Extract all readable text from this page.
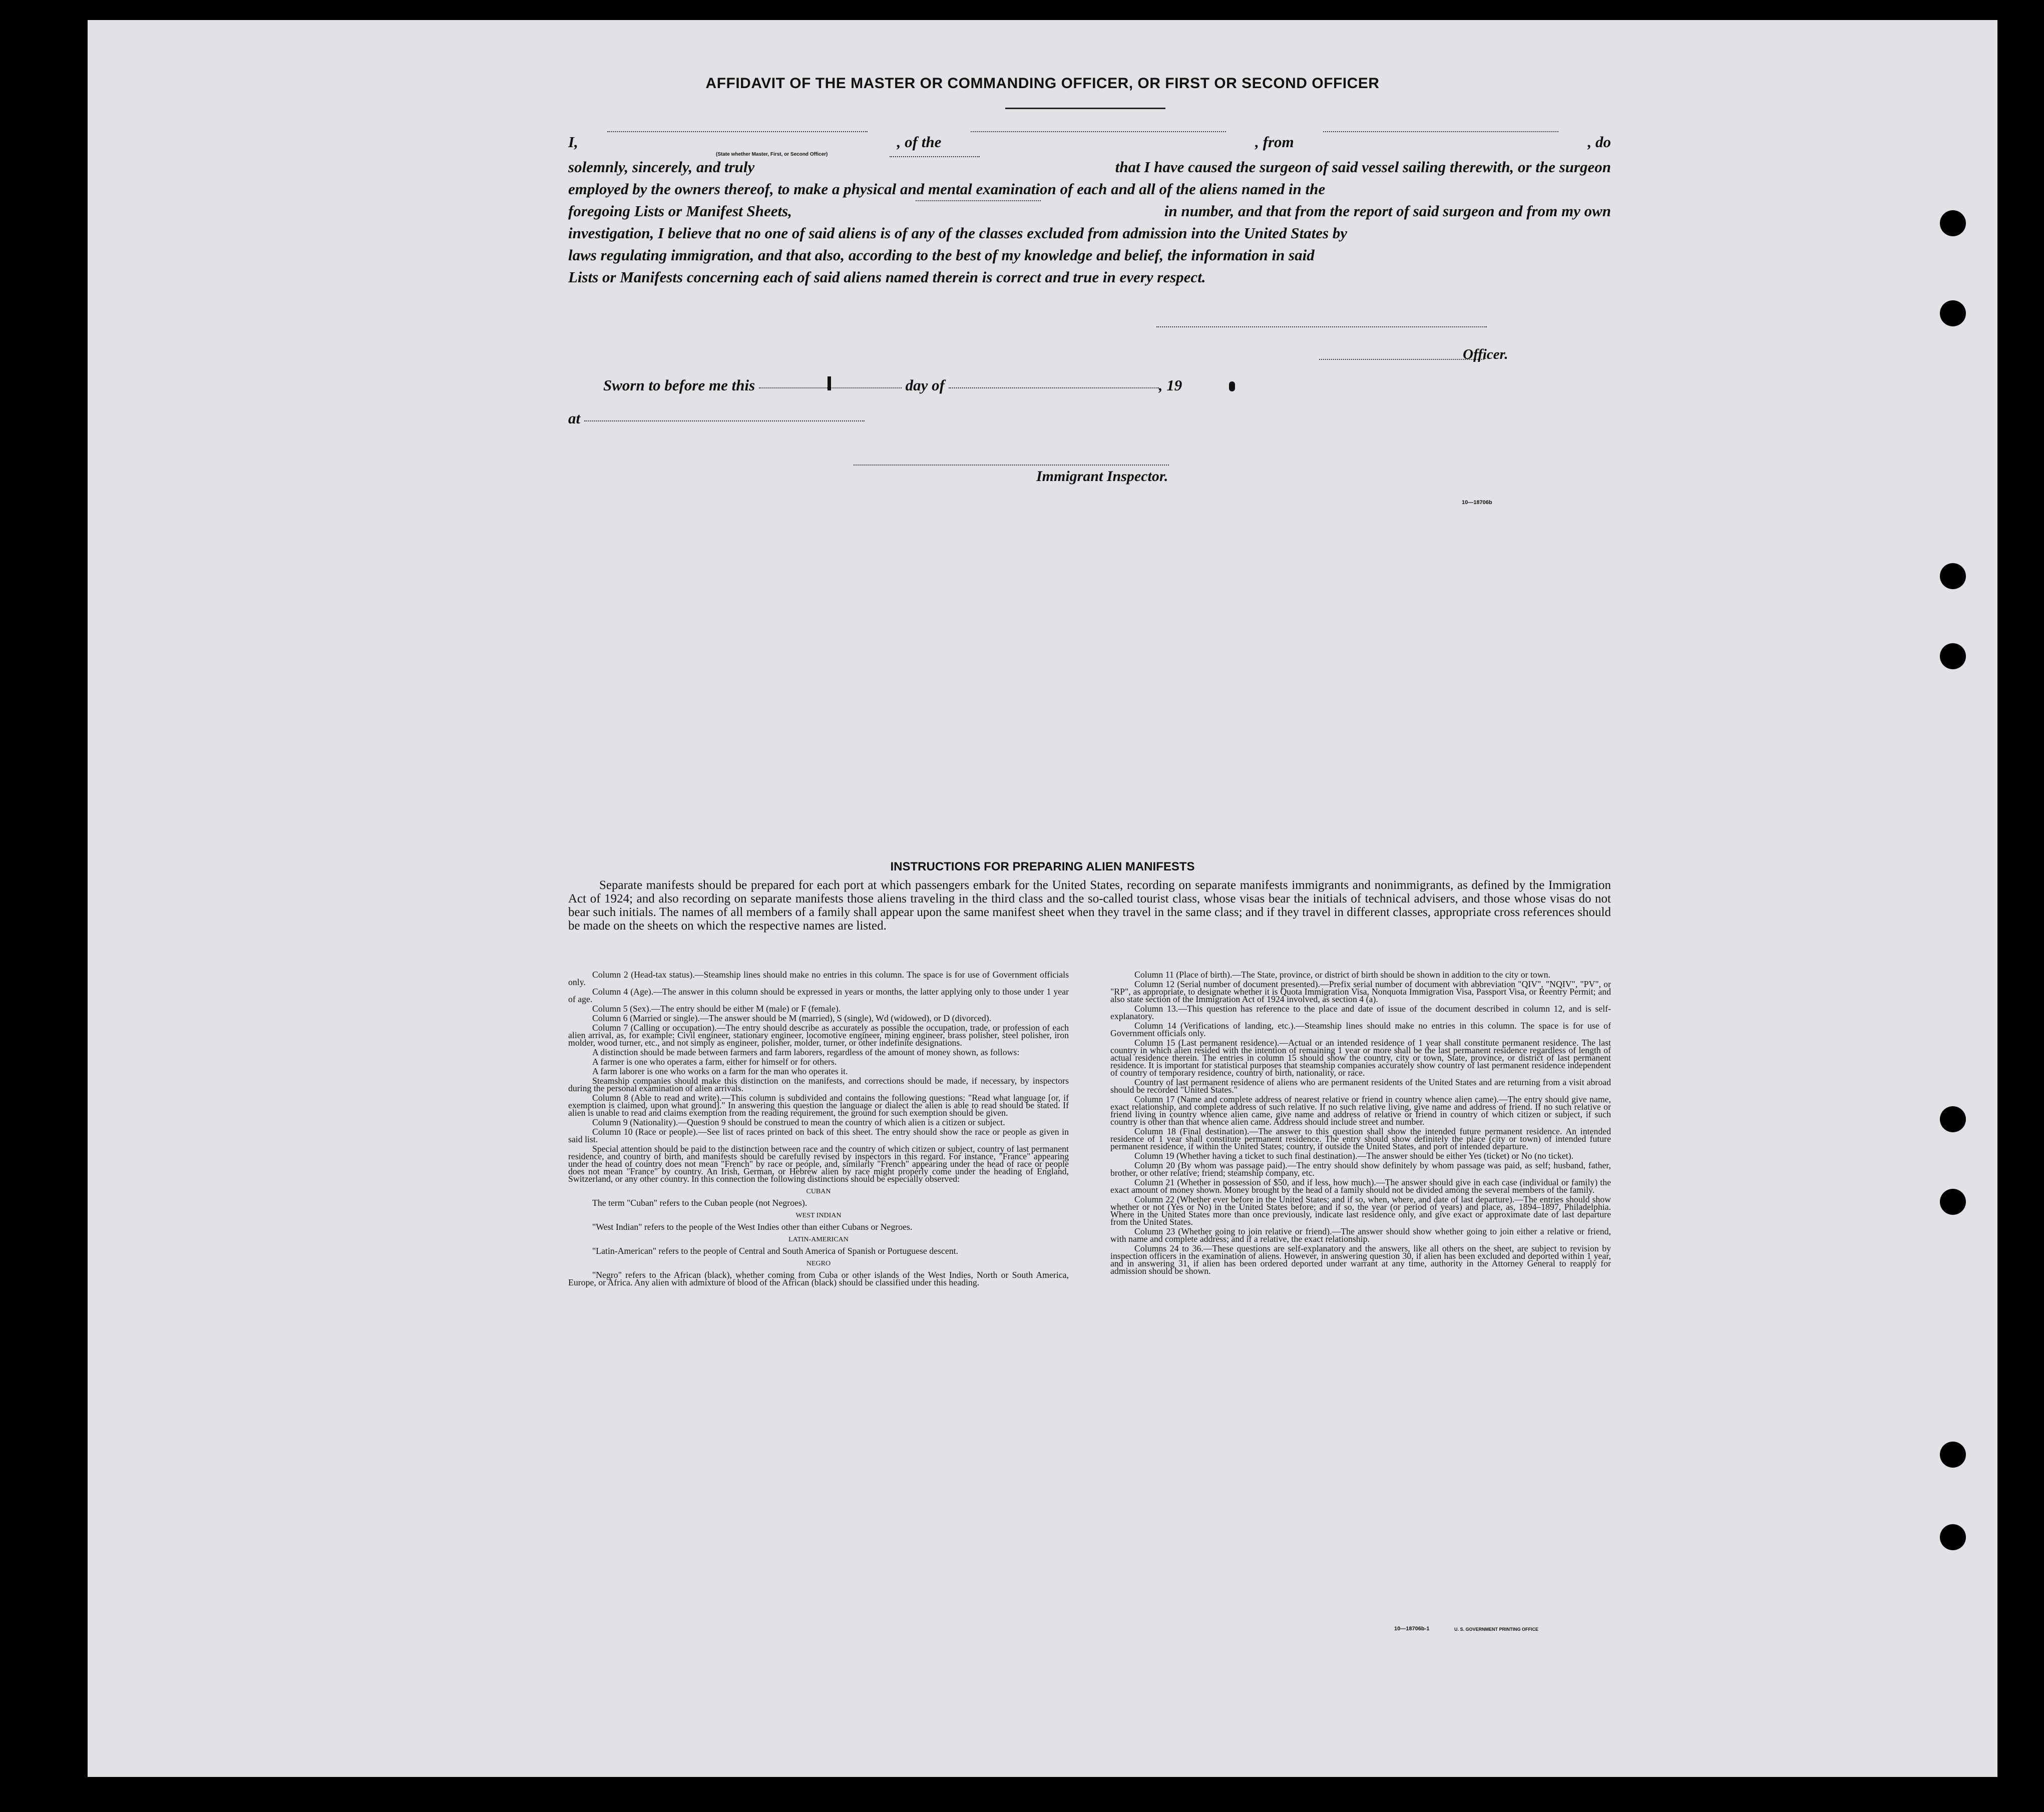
AFFIDAVIT OF THE MASTER OR COMMANDING OFFICER, OR FIRST OR SECOND OFFICER
I,	, of the	, from	, do
(State whether Master, First, or Second Officer)
solemnly, sincerely, and truly	that I have caused the surgeon of said vessel sailing therewith, or the surgeon
employed by the owners thereof, to make a physical and mental examination of each and all of the aliens named in the
foregoing Lists or Manifest Sheets,	in number, and that from the report of said surgeon and from my own
investigation, I believe that no one of said aliens is of any of the classes excluded from admission into the United States by
laws regulating immigration, and that also, according to the best of my knowledge and belief, the information in said
Lists or Manifests concerning each of said aliens named therein is correct and true in every respect.
Officer.
Sworn to before me this	day of	, 19
at
Immigrant Inspector.
10—18706b
INSTRUCTIONS FOR PREPARING ALIEN MANIFESTS
Separate manifests should be prepared for each port at which passengers embark for the United States, recording on separate manifests immigrants and nonimmigrants, as defined by the Immigration Act of 1924; and also recording on separate manifests those aliens traveling in the third class and the so-called tourist class, whose visas bear the initials of technical advisers, and those whose visas do not bear such initials. The names of all members of a family shall appear upon the same manifest sheet when they travel in the same class; and if they travel in different classes, appropriate cross references should be made on the sheets on which the respective names are listed.

Column 2 (Head-tax status).—Steamship lines should make no entries in this column. The space is for use of Government officials only.

Column 4 (Age).—The answer in this column should be expressed in years or months, the latter applying only to those under 1 year of age.

Column 5 (Sex).—The entry should be either M (male) or F (female).

Column 6 (Married or single).—The answer should be M (married), S (single), Wd (widowed), or D (divorced).

Column 7 (Calling or occupation).—The entry should describe as accurately as possible the occupation, trade, or profession of each alien arrival, as, for example: Civil engineer, stationary engineer, locomotive engineer, mining engineer, brass polisher, steel polisher, iron molder, wood turner, etc., and not simply as engineer, polisher, molder, turner, or other indefinite designations.

A distinction should be made between farmers and farm laborers, regardless of the amount of money shown, as follows:

A farmer is one who operates a farm, either for himself or for others.

A farm laborer is one who works on a farm for the man who operates it.

Steamship companies should make this distinction on the manifests, and corrections should be made, if necessary, by inspectors during the personal examination of alien arrivals.

Column 8 (Able to read and write).—This column is subdivided and contains the following questions: "Read what language [or, if exemption is claimed, upon what ground]." In answering this question the language or dialect the alien is able to read should be stated. If alien is unable to read and claims exemption from the reading requirement, the ground for such exemption should be given.

Column 9 (Nationality).—Question 9 should be construed to mean the country of which alien is a citizen or subject.

Column 10 (Race or people).—See list of races printed on back of this sheet. The entry should show the race or people as given in said list.

Special attention should be paid to the distinction between race and the country of which citizen or subject, country of last permanent residence, and country of birth, and manifests should be carefully revised by inspectors in this regard. For instance, "France" appearing under the head of country does not mean "French" by race or people, and, similarly "French" appearing under the head of race or people does not mean "France" by country. An Irish, German, or Hebrew alien by race might properly come under the heading of England, Switzerland, or any other country. In this connection the following distinctions should be especially observed:

CUBAN

The term "Cuban" refers to the Cuban people (not Negroes).

WEST INDIAN

"West Indian" refers to the people of the West Indies other than either Cubans or Negroes.

LATIN-AMERICAN

"Latin-American" refers to the people of Central and South America of Spanish or Portuguese descent.

NEGRO

"Negro" refers to the African (black), whether coming from Cuba or other islands of the West Indies, North or South America, Europe, or Africa. Any alien with admixture of blood of the African (black) should be classified under this heading.

Column 11 (Place of birth).—The State, province, or district of birth should be shown in addition to the city or town.

Column 12 (Serial number of document presented).—Prefix serial number of document with abbreviation "QIV", "NQIV", "PV", or "RP", as appropriate, to designate whether it is Quota Immigration Visa, Nonquota Immigration Visa, Passport Visa, or Reentry Permit; and also state section of the Immigration Act of 1924 involved, as section 4 (a).

Column 13.—This question has reference to the place and date of issue of the document described in column 12, and is self-explanatory.

Column 14 (Verifications of landing, etc.).—Steamship lines should make no entries in this column. The space is for use of Government officials only.

Column 15 (Last permanent residence).—Actual or an intended residence of 1 year shall constitute permanent residence. The last country in which alien resided with the intention of remaining 1 year or more shall be the last permanent residence regardless of length of actual residence therein. The entries in column 15 should show the country, city or town, State, province, or district of last permanent residence. It is important for statistical purposes that steamship companies accurately show country of last permanent residence independent of country of temporary residence, country of birth, nationality, or race.

Country of last permanent residence of aliens who are permanent residents of the United States and are returning from a visit abroad should be recorded "United States."

Column 17 (Name and complete address of nearest relative or friend in country whence alien came).—The entry should give name, exact relationship, and complete address of such relative. If no such relative living, give name and address of friend. If no such relative or friend living in country whence alien came, give name and address of relative or friend in country of which citizen or subject, if such country is other than that whence alien came. Address should include street and number.

Column 18 (Final destination).—The answer to this question shall show the intended future permanent residence. An intended residence of 1 year shall constitute permanent residence. The entry should show definitely the place (city or town) of intended future permanent residence, if within the United States; country, if outside the United States, and port of intended departure.

Column 19 (Whether having a ticket to such final destination).—The answer should be either Yes (ticket) or No (no ticket).

Column 20 (By whom was passage paid).—The entry should show definitely by whom passage was paid, as self; husband, father, brother, or other relative; friend; steamship company, etc.

Column 21 (Whether in possession of $50, and if less, how much).—The answer should give in each case (individual or family) the exact amount of money shown. Money brought by the head of a family should not be divided among the several members of the family.

Column 22 (Whether ever before in the United States; and if so, when, where, and date of last departure).—The entries should show whether or not (Yes or No) in the United States before; and if so, the year (or period of years) and place, as, 1894–1897, Philadelphia. Where in the United States more than once previously, indicate last residence only, and give exact or approximate date of last departure from the United States.

Column 23 (Whether going to join relative or friend).—The answer should show whether going to join either a relative or friend, with name and complete address; and if a relative, the exact relationship.

Columns 24 to 36.—These questions are self-explanatory and the answers, like all others on the sheet, are subject to revision by inspection officers in the examination of aliens. However, in answering question 30, if alien has been excluded and deported within 1 year, and in answering 31, if alien has been ordered deported under warrant at any time, authority in the Attorney General to reapply for admission should be shown.

10—18706b-1	U. S. GOVERNMENT PRINTING OFFICE
